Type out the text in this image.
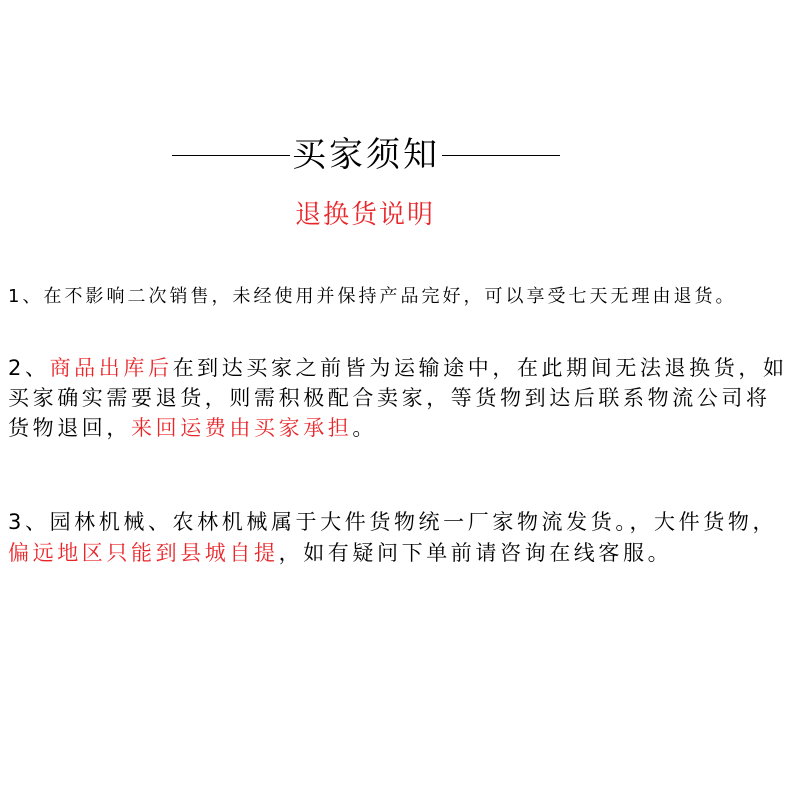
买家须知
退换货说明
1、在不影响二次销售，未经使用并保持产品完好，可以享受七天无理由退货。
2、商品出库后在到达买家之前皆为运输途中，在此期间无法退换货，如
买家确实需要退货，则需积极配合卖家，等货物到达后联系物流公司将
货物退回，来回运费由买家承担。
3、园林机械、农林机械属于大件货物统一厂家物流发货。，大件货物，
偏远地区只能到县城自提，如有疑问下单前请咨询在线客服。
